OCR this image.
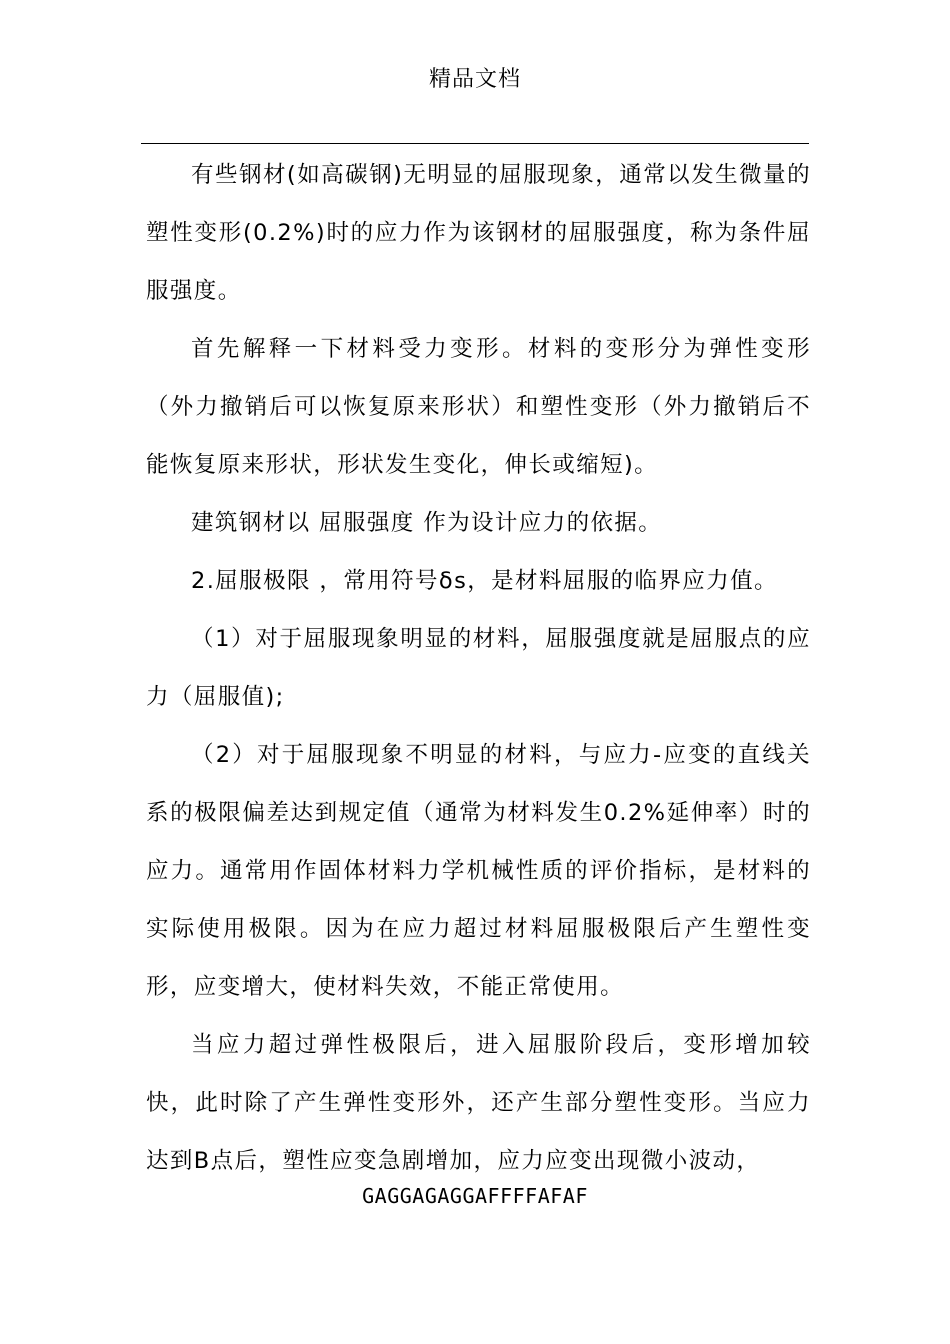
精品文档

有些钢材(如高碳钢)无明显的屈服现象，通常以发生微量的塑性变形(0.2%)时的应力作为该钢材的屈服强度，称为条件屈服强度。

首先解释一下材料受力变形。材料的变形分为弹性变形（外力撤销后可以恢复原来形状）和塑性变形（外力撤销后不能恢复原来形状，形状发生变化，伸长或缩短)。

建筑钢材以 屈服强度 作为设计应力的依据。

2.屈服极限 ，常用符号δs，是材料屈服的临界应力值。

（1）对于屈服现象明显的材料，屈服强度就是屈服点的应力（屈服值);

（2）对于屈服现象不明显的材料，与应力-应变的直线关系的极限偏差达到规定值（通常为材料发生0.2%延伸率）时的应力。通常用作固体材料力学机械性质的评价指标，是材料的实际使用极限。因为在应力超过材料屈服极限后产生塑性变形，应变增大，使材料失效，不能正常使用。

当应力超过弹性极限后，进入屈服阶段后，变形增加较快，此时除了产生弹性变形外，还产生部分塑性变形。当应力达到B点后，塑性应变急剧增加，应力应变出现微小波动，

GAGGAGAGGAFFFFAFAF
